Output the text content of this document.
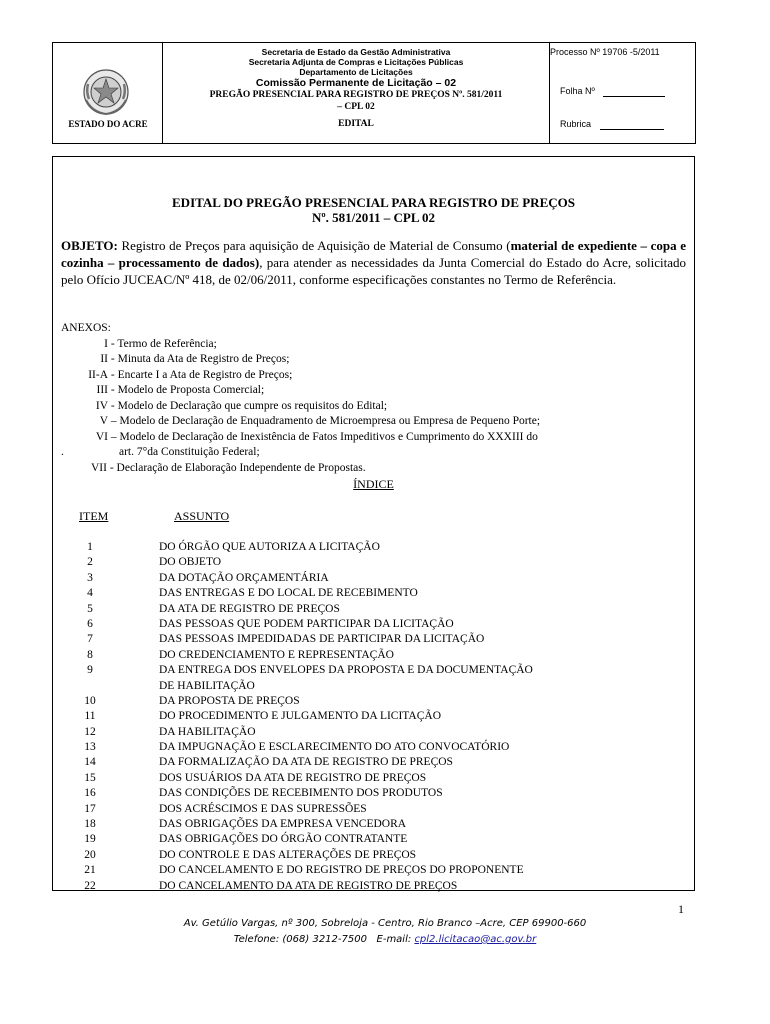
ESTADO DO ACRE
Secretaria de Estado da Gestão Administrativa
Secretaria Adjunta de Compras e Licitações Públicas
Departamento de Licitações
Comissão Permanente de Licitação – 02
PREGÃO PRESENCIAL PARA REGISTRO DE PREÇOS Nº. 581/2011
– CPL 02
EDITAL
Processo Nº 19706 -5/2011
Folha Nº
Rubrica
EDITAL DO PREGÃO PRESENCIAL PARA REGISTRO DE PREÇOS
Nº. 581/2011 – CPL 02
OBJETO: Registro de Preços para aquisição de Aquisição de Material de Consumo (material de expediente – copa e cozinha – processamento de dados), para atender as necessidades da Junta Comercial do Estado do Acre, solicitado pelo Ofício JUCEAC/Nº 418, de 02/06/2011, conforme especificações constantes no Termo de Referência.
ANEXOS:
I - Termo de Referência;
II - Minuta da Ata de Registro de Preços;
II-A - Encarte I a Ata de Registro de Preços;
III - Modelo de Proposta Comercial;
IV - Modelo de Declaração que cumpre os requisitos do Edital;
V – Modelo de Declaração de Enquadramento de Microempresa ou Empresa de Pequeno Porte;
VI – Modelo de Declaração de Inexistência de Fatos Impeditivos e Cumprimento do XXXIII do
.	art. 7°da Constituição Federal;
VII - Declaração de Elaboração Independente de Propostas.
ÍNDICE
ITEM	ASSUNTO
1	DO ÓRGÃO QUE AUTORIZA A LICITAÇÃO
2	DO OBJETO
3	DA DOTAÇÃO ORÇAMENTÁRIA
4	DAS ENTREGAS E DO LOCAL DE RECEBIMENTO
5	DA ATA DE REGISTRO DE PREÇOS
6	DAS PESSOAS QUE PODEM PARTICIPAR DA LICITAÇÃO
7	DAS PESSOAS IMPEDIDADAS DE PARTICIPAR DA LICITAÇÃO
8	DO CREDENCIAMENTO E REPRESENTAÇÃO
9	DA ENTREGA DOS ENVELOPES DA PROPOSTA E DA DOCUMENTAÇÃO
DE HABILITAÇÃO
10	DA PROPOSTA DE PREÇOS
11	DO PROCEDIMENTO E JULGAMENTO DA LICITAÇÃO
12	DA HABILITAÇÃO
13	DA IMPUGNAÇÃO E ESCLARECIMENTO DO ATO CONVOCATÓRIO
14	DA FORMALIZAÇÃO DA ATA DE REGISTRO DE PREÇOS
15	DOS USUÁRIOS DA ATA DE REGISTRO DE PREÇOS
16	DAS CONDIÇÕES DE RECEBIMENTO DOS PRODUTOS
17	DOS ACRÉSCIMOS E DAS SUPRESSÕES
18	DAS OBRIGAÇÕES DA EMPRESA VENCEDORA
19	DAS OBRIGAÇÕES DO ÓRGÃO CONTRATANTE
20	DO CONTROLE E DAS ALTERAÇÕES DE PREÇOS
21	DO CANCELAMENTO E DO REGISTRO DE PREÇOS DO PROPONENTE
22	DO CANCELAMENTO DA ATA DE REGISTRO DE PREÇOS
1
Av. Getúlio Vargas, nº 300, Sobreloja - Centro, Rio Branco –Acre, CEP 69900-660
Telefone: (068) 3212-7500 E-mail: cpl2.licitacao@ac.gov.br
